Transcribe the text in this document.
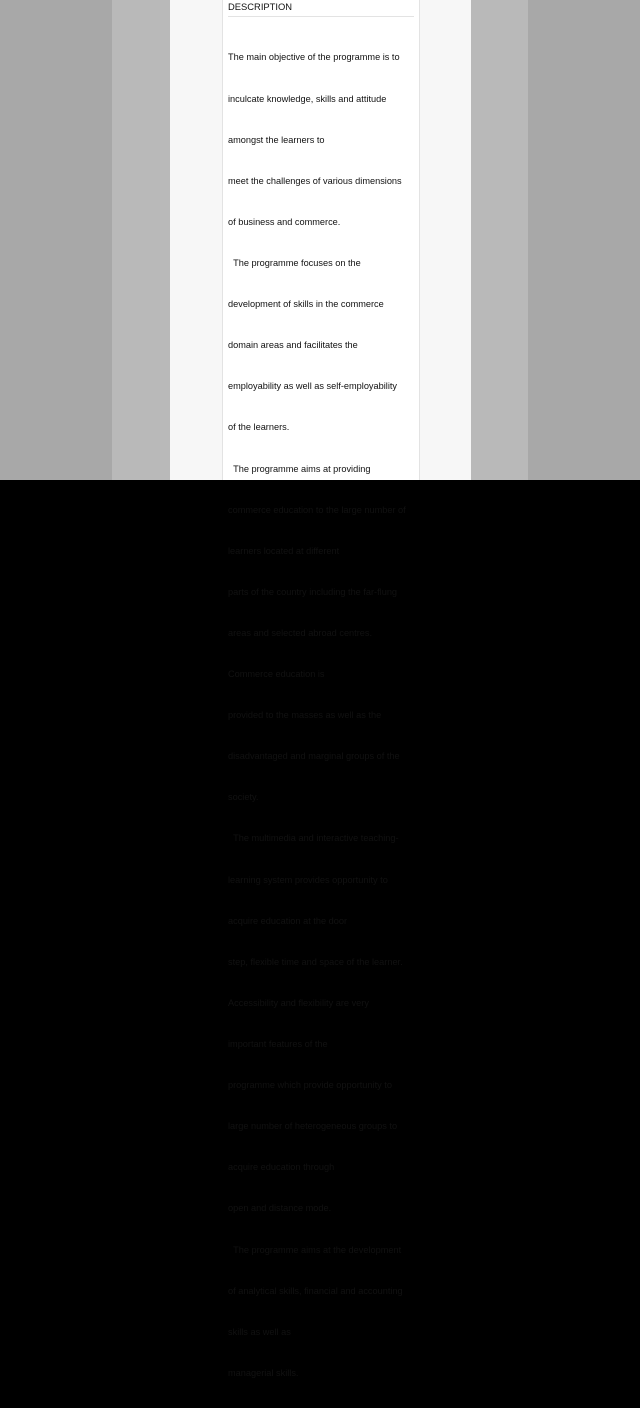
DESCRIPTION

The main objective of the programme is to

inculcate knowledge, skills and attitude

amongst the learners to

meet the challenges of various dimensions

of business and commerce.

The programme focuses on the

development of skills in the commerce

domain areas and facilitates the

employability as well as self-employability

of the learners.

The programme aims at providing

commerce education to the large number of

learners located at different

parts of the country including the far-flung

areas and selected abroad centres.

Commerce education is

provided to the masses as well as the

disadvantaged and marginal groups of the

society.

The multimedia and interactive teaching-

learning system provides opportunity to

acquire education at the door

step, flexible time and space of the learner.

Accessibility and flexibility are very

important features of the

programme which provide opportunity to

large number of heterogeneous groups to

acquire education through

open and distance mode.

The programme aims at the development

of analytical skills, financial and accounting

skills as well as

managerial skills.
